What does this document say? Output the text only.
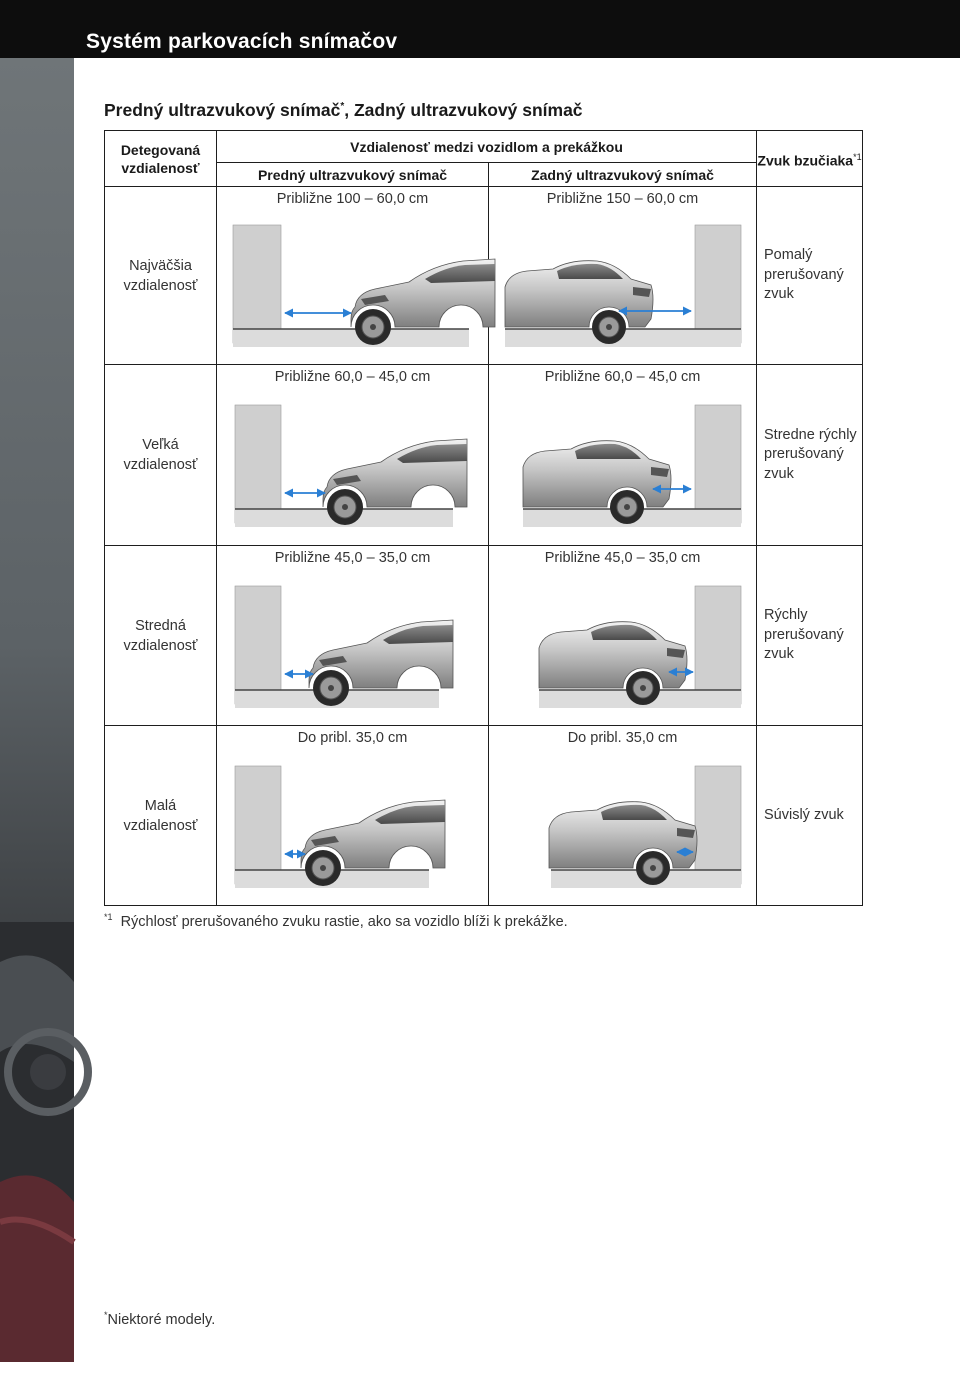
Systém parkovacích snímačov
4-104
Predný ultrazvukový snímač*, Zadný ultrazvukový snímač
Detegovaná vzdialenosť	Vzdialenosť medzi vozidlom a prekážkou		Zvuk bzučiaka$^{*1}$
	Predný ultrazvukový snímač	Zadný ultrazvukový snímač	
Najväčšia vzdialenosť	Približne 100 – 60,0 cm	Približne 150 – 60,0 cm	Pomalý prerušovaný zvuk
Veľká vzdialenosť	Približne 60,0 – 45,0 cm	Približne 60,0 – 45,0 cm	Stredne rýchly prerušovaný zvuk
Stredná vzdialenosť	Približne 45,0 – 35,0 cm	Približne 45,0 – 35,0 cm	Rýchly prerušovaný zvuk
Malá vzdialenosť	Do pribl. 35,0 cm	Do pribl. 35,0 cm	Súvislý zvuk
$^{*1}$ Rýchlosť prerušovaného zvuku rastie, ako sa vozidlo blíži k prekážke.
*Niektoré modely.
